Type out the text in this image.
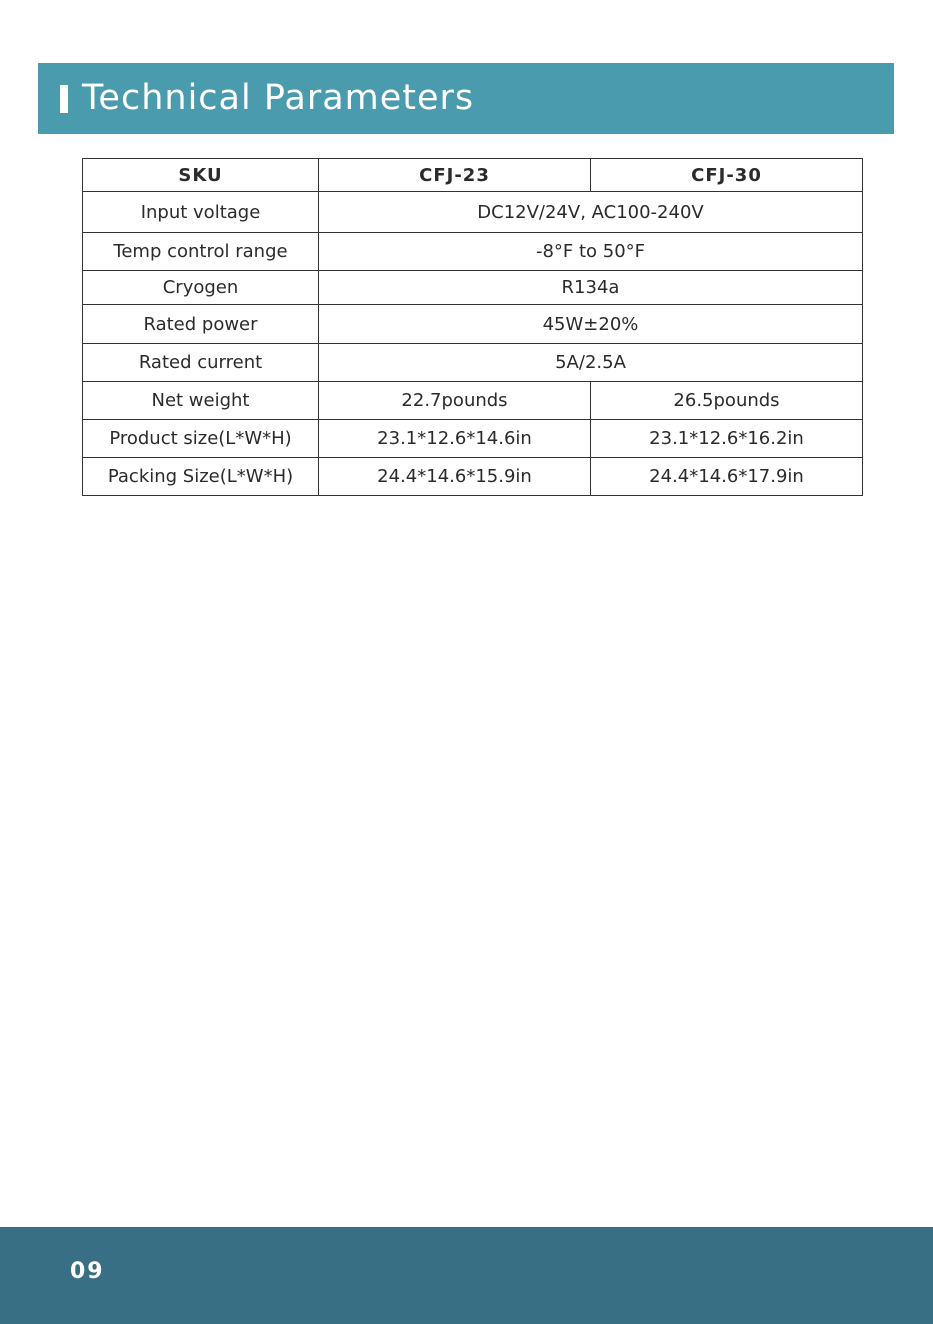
Technical Parameters
SKU	CFJ-23	CFJ-30
Input voltage	DC12V/24V, AC100-240V	
Temp control range	-8°F to 50°F	
Cryogen	R134a	
Rated power	45W±20%	
Rated current	5A/2.5A	
Net weight	22.7pounds	26.5pounds
Product size(L*W*H)	23.1*12.6*14.6in	23.1*12.6*16.2in
Packing Size(L*W*H)	24.4*14.6*15.9in	24.4*14.6*17.9in
09
